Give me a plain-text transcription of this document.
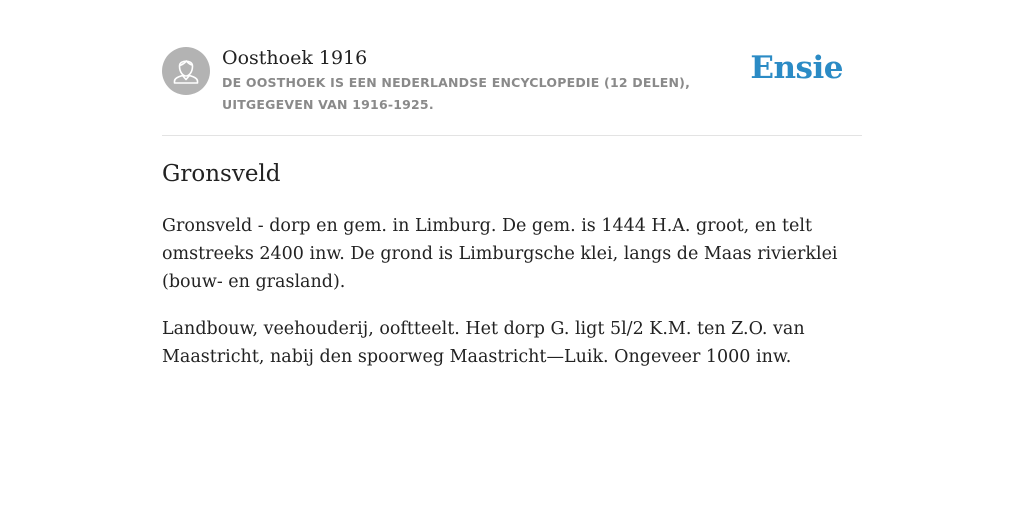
Oosthoek 1916
DE OOSTHOEK IS EEN NEDERLANDSE ENCYCLOPEDIE (12 DELEN), UITGEGEVEN VAN 1916-1925.
Ensie
Gronsveld

Gronsveld - dorp en gem. in Limburg. De gem. is 1444 H.A. groot, en telt omstreeks 2400 inw. De grond is Limburgsche klei, langs de Maas rivierklei (bouw- en grasland).

Landbouw, veehouderij, ooftteelt. Het dorp G. ligt 5l/2 K.M. ten Z.O. van Maastricht, nabij den spoorweg Maastricht—Luik. Ongeveer 1000 inw.
